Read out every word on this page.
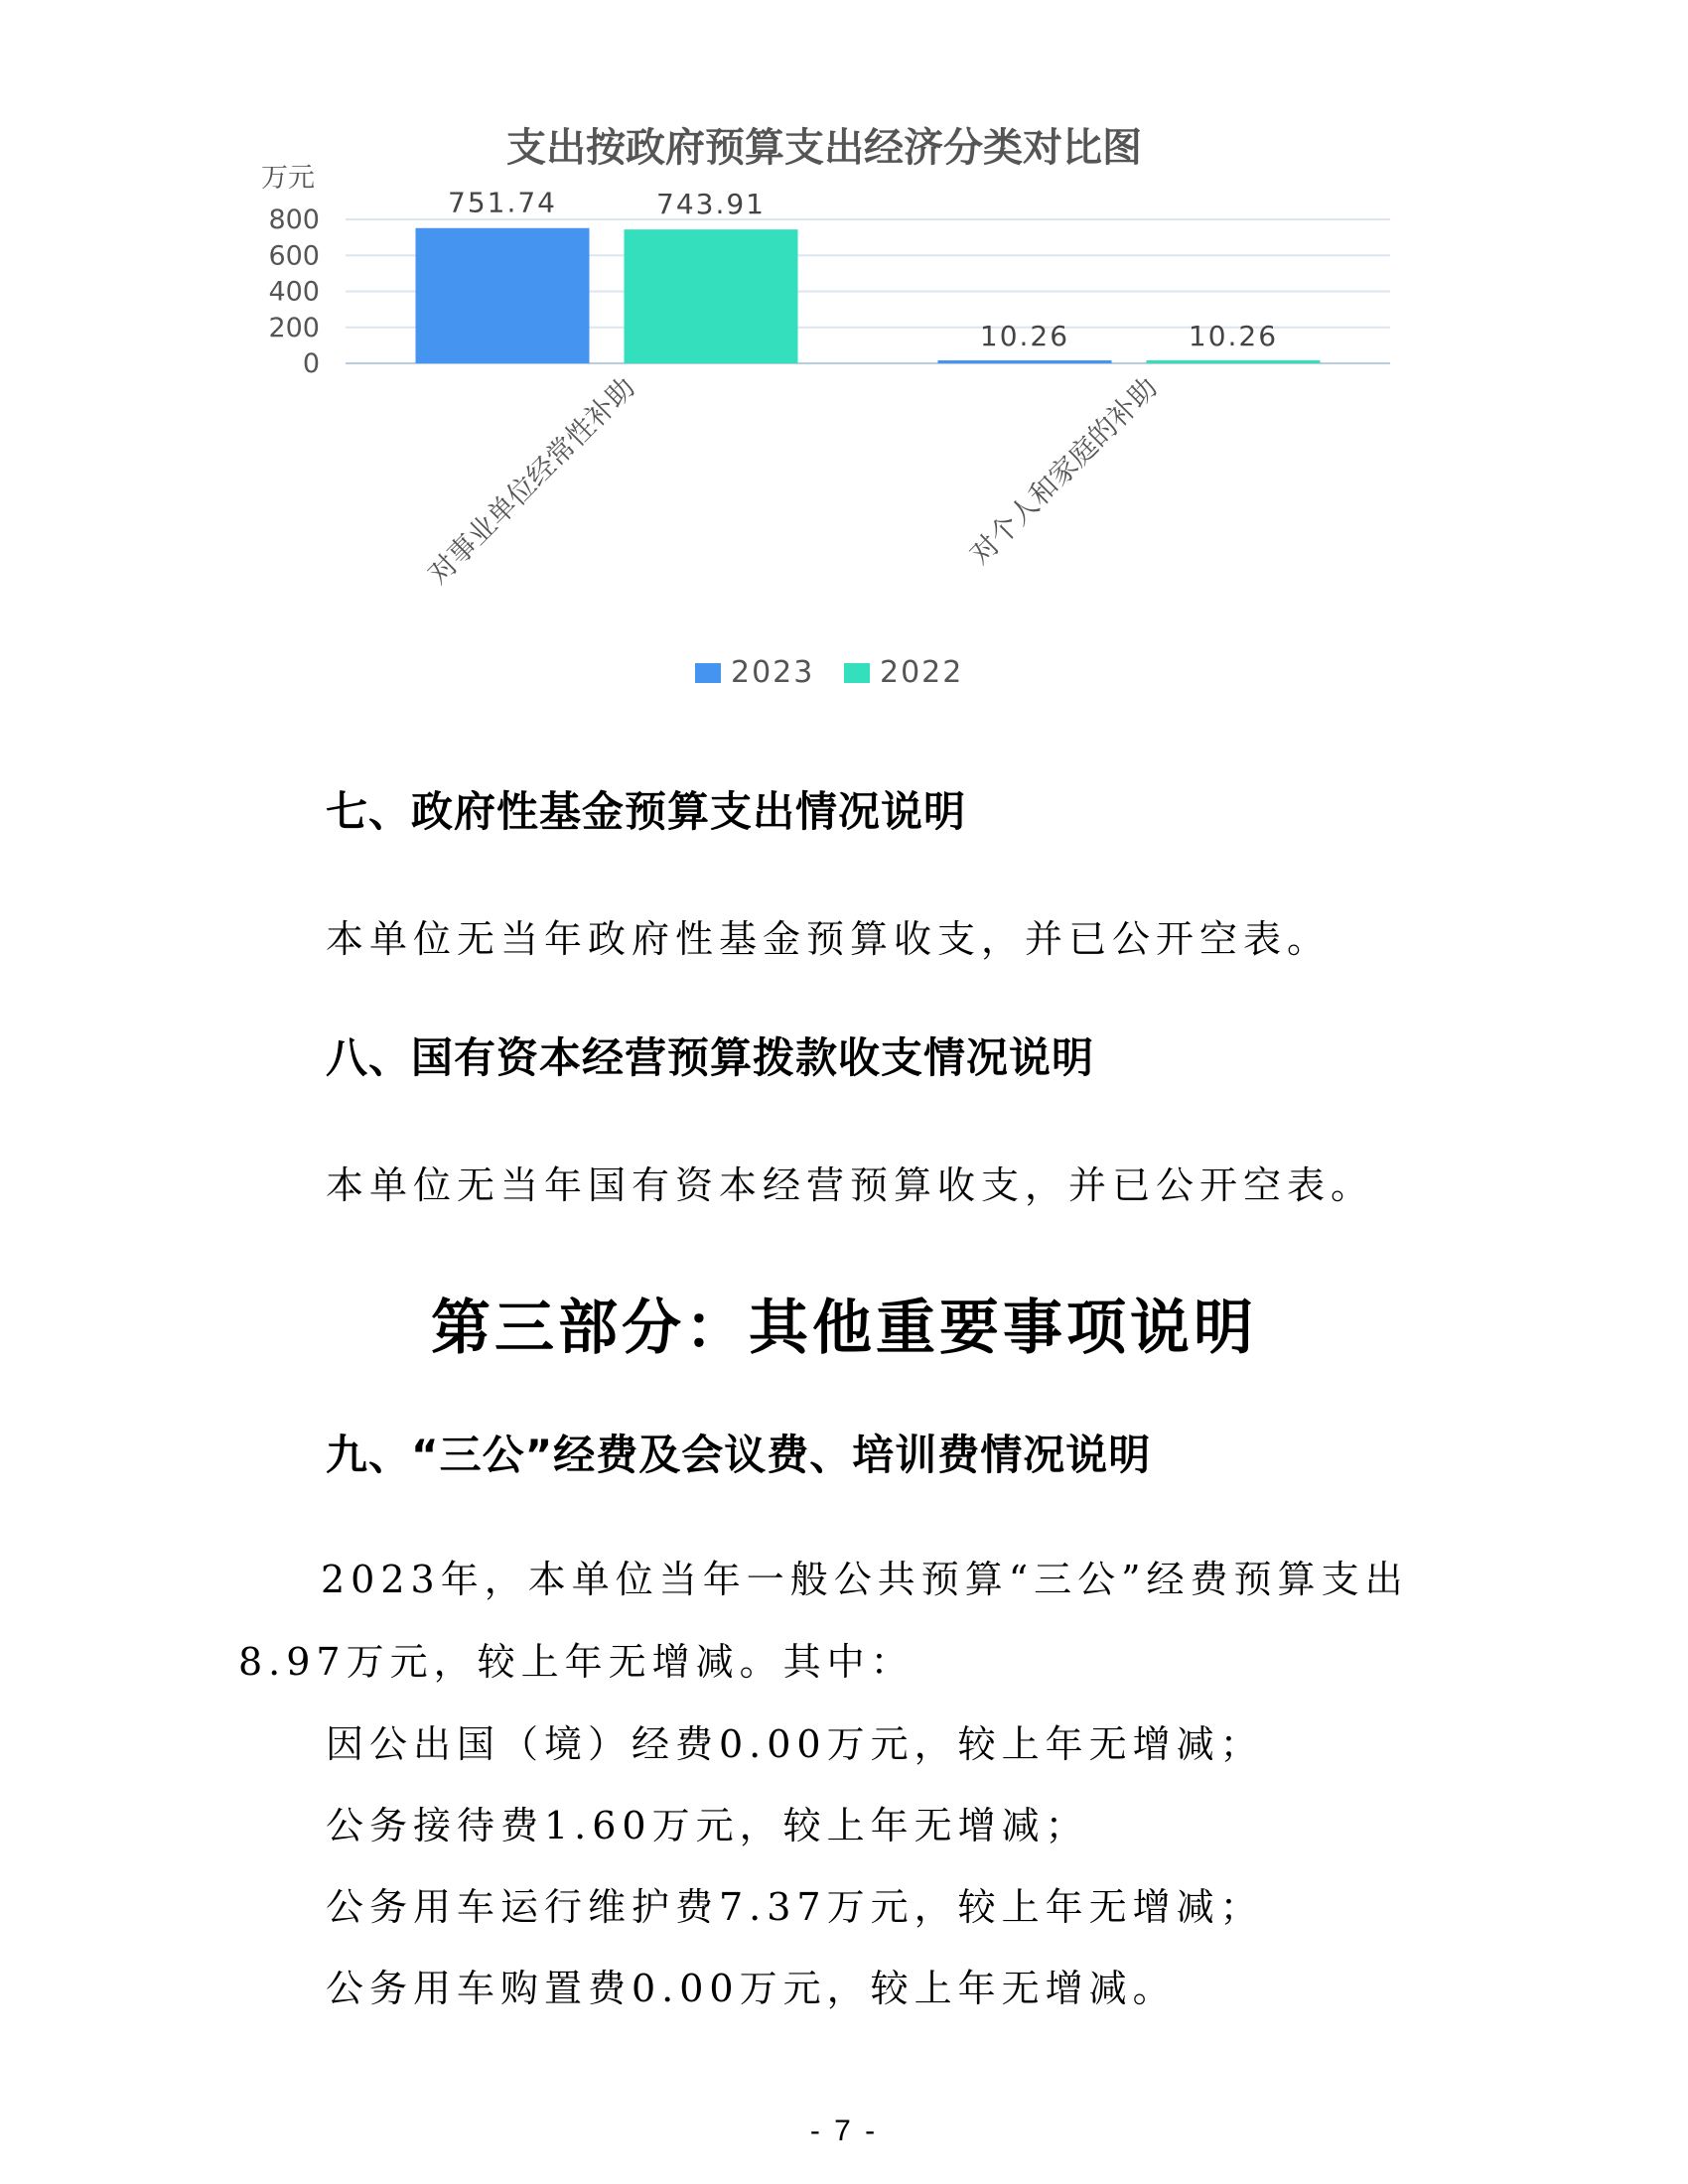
支出按政府预算支出经济分类对比图
万元
800
600
400
200
0
751.74	743.91
对事业单位经常性补助
10.26	10.26
对个人和家庭的补助
2023 2022
七、政府性基金预算支出情况说明

本单位无当年政府性基金预算收支，并已公开空表。

八、国有资本经营预算拨款收支情况说明

本单位无当年国有资本经营预算收支，并已公开空表。

第三部分：其他重要事项说明
九、“三公”经费及会议费、培训费情况说明

2023年，本单位当年一般公共预算“三公”经费预算支出

8.97万元，较上年无增减。其中：

因公出国（境）经费0.00万元，较上年无增减；

公务接待费1.60万元，较上年无增减；

公务用车运行维护费7.37万元，较上年无增减；

公务用车购置费0.00万元，较上年无增减。

- 7 -
